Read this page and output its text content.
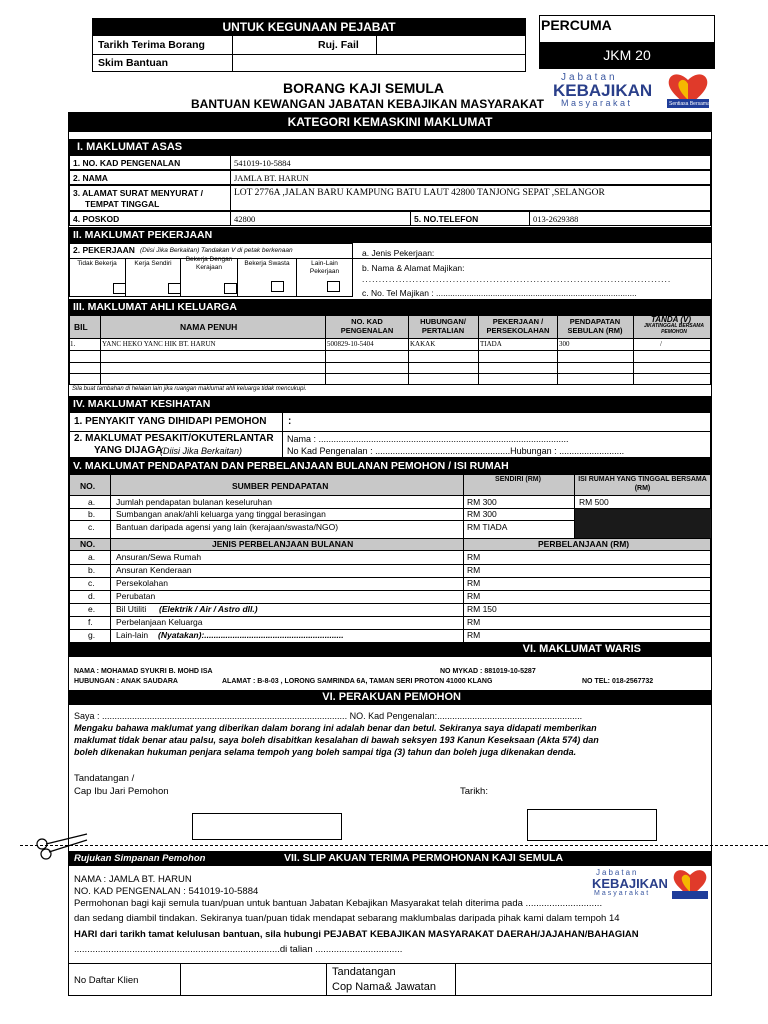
UNTUK KEGUNAAN PEJABAT
Tarikh Terima Borang	Ruj. Fail
Skim Bantuan
PERCUMA
JKM 20
Jabatan
KEBAJIKAN
Masyarakat	Sentiasa Bersama
BORANG KAJI SEMULA
BANTUAN KEWANGAN JABATAN KEBAJIKAN MASYARAKAT
KATEGORI KEMASKINI MAKLUMAT
I. MAKLUMAT ASAS
1. NO. KAD PENGENALAN	541019-10-5884
2. NAMA	JAMLA BT. HARUN
3. ALAMAT SURAT MENYURAT /
TEMPAT TINGGAL
LOT 2776A ,JALAN BARU KAMPUNG BATU LAUT 42800 TANJONG SEPAT ,SELANGOR
4. POSKOD	42800	5. NO.TELEFON	013-2629388
II. MAKLUMAT PEKERJAAN
2. PEKERJAAN (Diisi Jika Berkaitan) Tandakan V di petak berkenaan
Tidak Bekerja	Kerja Sendiri
Bekerja Dengan Kerajaan
Bekerja Swasta	Lain-Lain Pekerjaan
a. Jenis Pekerjaan:
b. Nama & Alamat Majikan:
............................................................................................
c. No. Tel Majikan : .....................................................................................
III. MAKLUMAT AHLI KELUARGA
BIL	NAMA PENUH
NO. KAD PENGENALAN
HUBUNGAN/ PERTALIAN
PEKERJAAN / PERSEKOLAHAN
PENDAPATAN SEBULAN (RM)
TANDA (V)
JIKATINGGAL BERSAMA PEMOHON
1.	YANC HEKO YANC HIK BT. HARUN	500829-10-5404	KAKAK	TIADA	300	/
Sila buat tambahan di helaian lain jika ruangan maklumat ahli keluarga tidak mencukupi.
IV. MAKLUMAT KESIHATAN
1. PENYAKIT YANG DIHIDAPI PEMOHON :
2. MAKLUMAT PESAKIT/OKUTERLANTAR
YANG DIJAGA
(Diisi Jika Berkaitan)
Nama : ....................................................................................................
No Kad Pengenalan : ......................................................Hubungan : ..........................
V. MAKLUMAT PENDAPATAN DAN PERBELANJAAN BULANAN PEMOHON / ISI RUMAH
NO.	SUMBER PENDAPATAN
SENDIRI (RM)	ISI RUMAH YANG TINGGAL BERSAMA (RM)
a. Jumlah pendapatan bulanan keseluruhan	RM 300	RM 500
b. Sumbangan anak/ahli keluarga yang tinggal berasingan	RM 300
c.	Bantuan daripada agensi yang lain (kerajaan/swasta/NGO)	RM TIADA
NO.	JENIS PERBELANJAAN BULANAN	PERBELANJAAN (RM)
a. Ansuran/Sewa Rumah	RM
b. Ansuran Kenderaan	RM
c.	Persekolahan	RM
d. Perubatan	RM
e. Bil Utiliti (Elektrik / Air / Astro dll.)	RM 150
f.	Perbelanjaan Keluarga	RM
g. Lain-lain (Nyatakan):...........................................................	RM
VI. MAKLUMAT WARIS
NAMA : MOHAMAD SYUKRI B. MOHD ISA	NO MYKAD : 881019-10-5287
HUBUNGAN : ANAK SAUDARA	ALAMAT : B-8-03 , LORONG SAMRINDA 6A, TAMAN SERI PROTON 41000 KLANG	NO TEL: 018-2567732
VI. PERAKUAN PEMOHON
Saya : .................................................................................................. NO. Kad Pengenalan:..........................................................
Mengaku bahawa maklumat yang diberikan dalam borang ini adalah benar dan betul. Sekiranya saya didapati memberikan
maklumat tidak benar atau palsu, saya boleh disabitkan kesalahan di bawah seksyen 193 Kanun Keseksaan (Akta 574) dan
boleh dikenakan hukuman penjara selama tempoh yang boleh sampai tiga (3) tahun dan boleh juga dikenakan denda.
Tandatangan /
Cap Ibu Jari Pemohon	Tarikh:
Rujukan Simpanan Pemohon	VII. SLIP AKUAN TERIMA PERMOHONAN KAJI SEMULA
Jabatan
KEBAJIKAN
Masyarakat
NAMA : JAMLA BT. HARUN
NO. KAD PENGENALAN : 541019-10-5884
Permohonan bagi kaji semula tuan/puan untuk bantuan Jabatan Kebajikan Masyarakat telah diterima pada .............................
dan sedang diambil tindakan. Sekiranya tuan/puan tidak mendapat sebarang maklumbalas daripada pihak kami dalam tempoh 14
HARI dari tarikh tamat kelulusan bantuan, sila hubungi PEJABAT KEBAJIKAN MASYARAKAT DAERAH/JAJAHAN/BAHAGIAN
..............................................................................di talian .................................
No Daftar Klien
Tandatangan
Cop Nama& Jawatan
